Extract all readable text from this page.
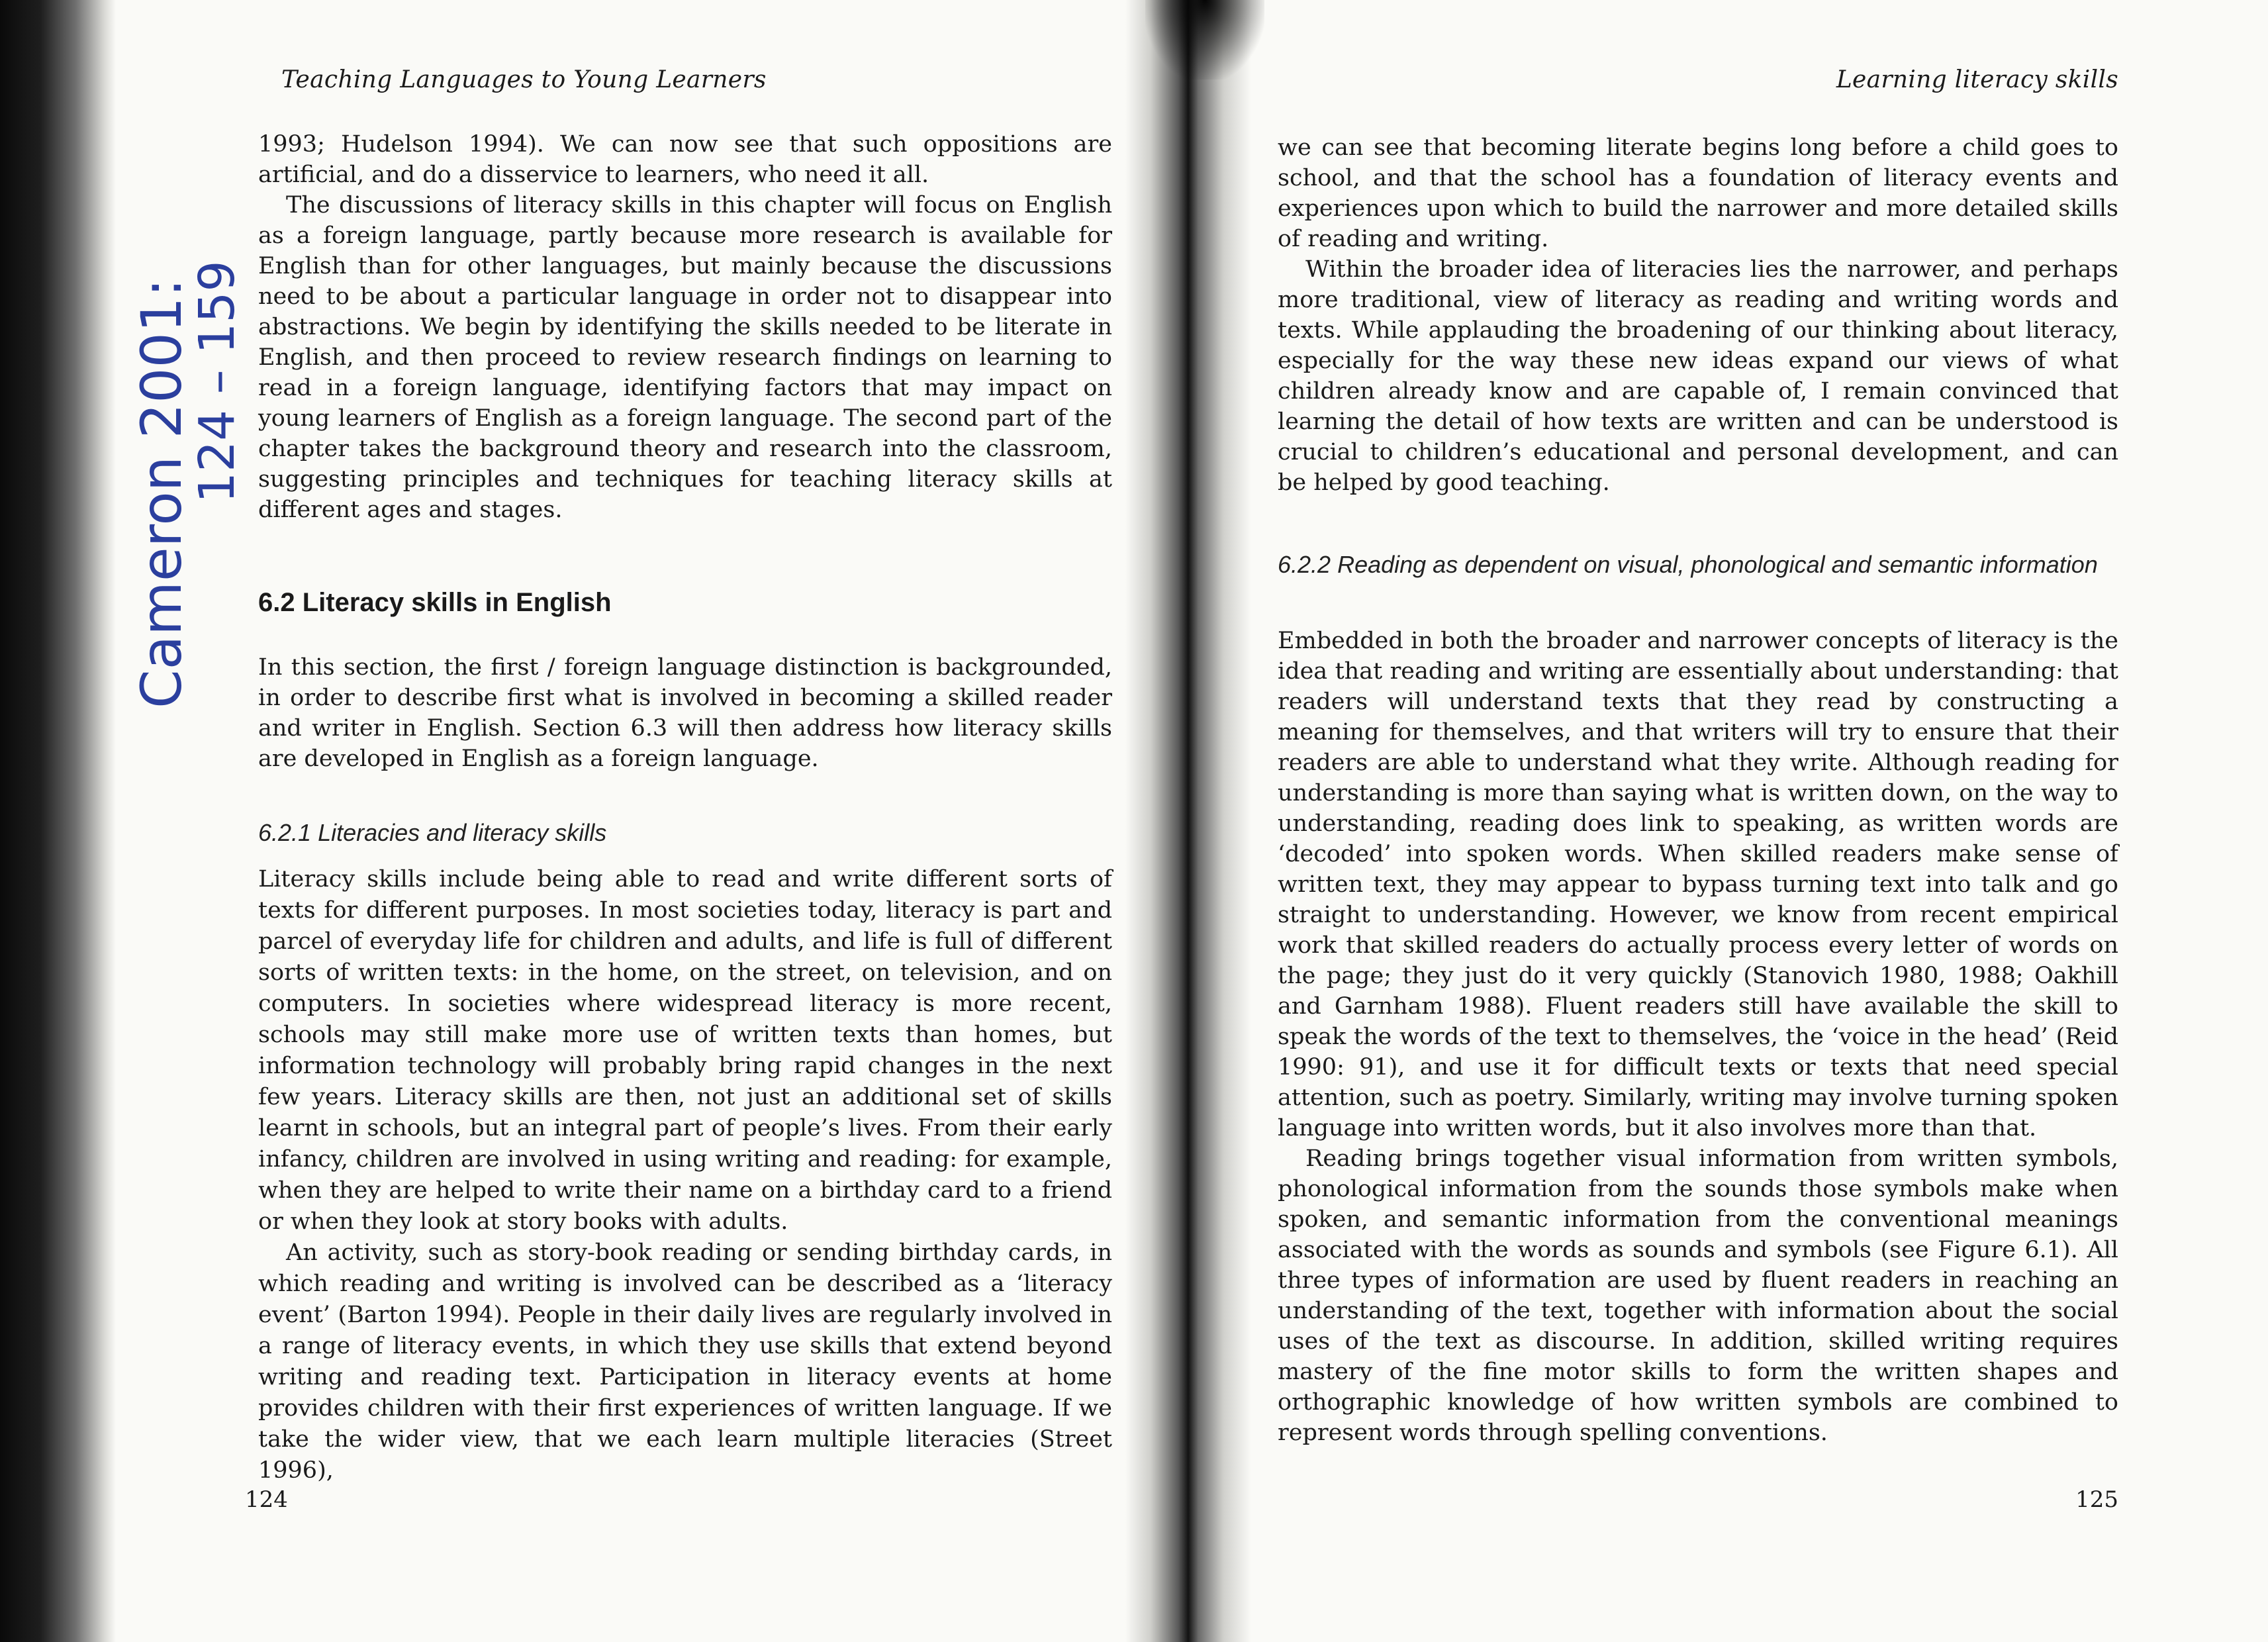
Cameron 2001:
124 – 159
Teaching Languages to Young Learners

1993; Hudelson 1994). We can now see that such oppositions are artificial, and do a disservice to learners, who need it all.

The discussions of literacy skills in this chapter will focus on English as a foreign language, partly because more research is available for English than for other languages, but mainly because the discussions need to be about a particular language in order not to disappear into abstractions. We begin by identifying the skills needed to be literate in English, and then proceed to review research findings on learning to read in a foreign language, identifying factors that may impact on young learners of English as a foreign language. The second part of the chapter takes the background theory and research into the classroom, suggesting principles and techniques for teaching literacy skills at different ages and stages.

6.2 Literacy skills in English

In this section, the first / foreign language distinction is backgrounded, in order to describe first what is involved in becoming a skilled reader and writer in English. Section 6.3 will then address how literacy skills are developed in English as a foreign language.

6.2.1 Literacies and literacy skills

Literacy skills include being able to read and write different sorts of texts for different purposes. In most societies today, literacy is part and parcel of everyday life for children and adults, and life is full of different sorts of written texts: in the home, on the street, on television, and on computers. In societies where widespread literacy is more recent, schools may still make more use of written texts than homes, but information technology will probably bring rapid changes in the next few years. Literacy skills are then, not just an additional set of skills learnt in schools, but an integral part of people’s lives. From their early infancy, children are involved in using writing and reading: for example, when they are helped to write their name on a birthday card to a friend or when they look at story books with adults.

An activity, such as story-book reading or sending birthday cards, in which reading and writing is involved can be described as a ‘literacy event’ (Barton 1994). People in their daily lives are regularly involved in a range of literacy events, in which they use skills that extend beyond writing and reading text. Participation in literacy events at home provides children with their first experiences of written language. If we take the wider view, that we each learn multiple literacies (Street 1996),

124
Learning literacy skills

we can see that becoming literate begins long before a child goes to school, and that the school has a foundation of literacy events and experiences upon which to build the narrower and more detailed skills of reading and writing.

Within the broader idea of literacies lies the narrower, and perhaps more traditional, view of literacy as reading and writing words and texts. While applauding the broadening of our thinking about literacy, especially for the way these new ideas expand our views of what children already know and are capable of, I remain convinced that learning the detail of how texts are written and can be understood is crucial to children’s educational and personal development, and can be helped by good teaching.

6.2.2 Reading as dependent on visual, phonological and semantic information

Embedded in both the broader and narrower concepts of literacy is the idea that reading and writing are essentially about understanding: that readers will understand texts that they read by constructing a meaning for themselves, and that writers will try to ensure that their readers are able to understand what they write. Although reading for understanding is more than saying what is written down, on the way to understanding, reading does link to speaking, as written words are ‘decoded’ into spoken words. When skilled readers make sense of written text, they may appear to bypass turning text into talk and go straight to understanding. However, we know from recent empirical work that skilled readers do actually process every letter of words on the page; they just do it very quickly (Stanovich 1980, 1988; Oakhill and Garnham 1988). Fluent readers still have available the skill to speak the words of the text to themselves, the ‘voice in the head’ (Reid 1990: 91), and use it for difficult texts or texts that need special attention, such as poetry. Similarly, writing may involve turning spoken language into written words, but it also involves more than that.

Reading brings together visual information from written symbols, phonological information from the sounds those symbols make when spoken, and semantic information from the conventional meanings associated with the words as sounds and symbols (see Figure 6.1). All three types of information are used by fluent readers in reaching an understanding of the text, together with information about the social uses of the text as discourse. In addition, skilled writing requires mastery of the fine motor skills to form the written shapes and orthographic knowledge of how written symbols are combined to represent words through spelling conventions.

125
